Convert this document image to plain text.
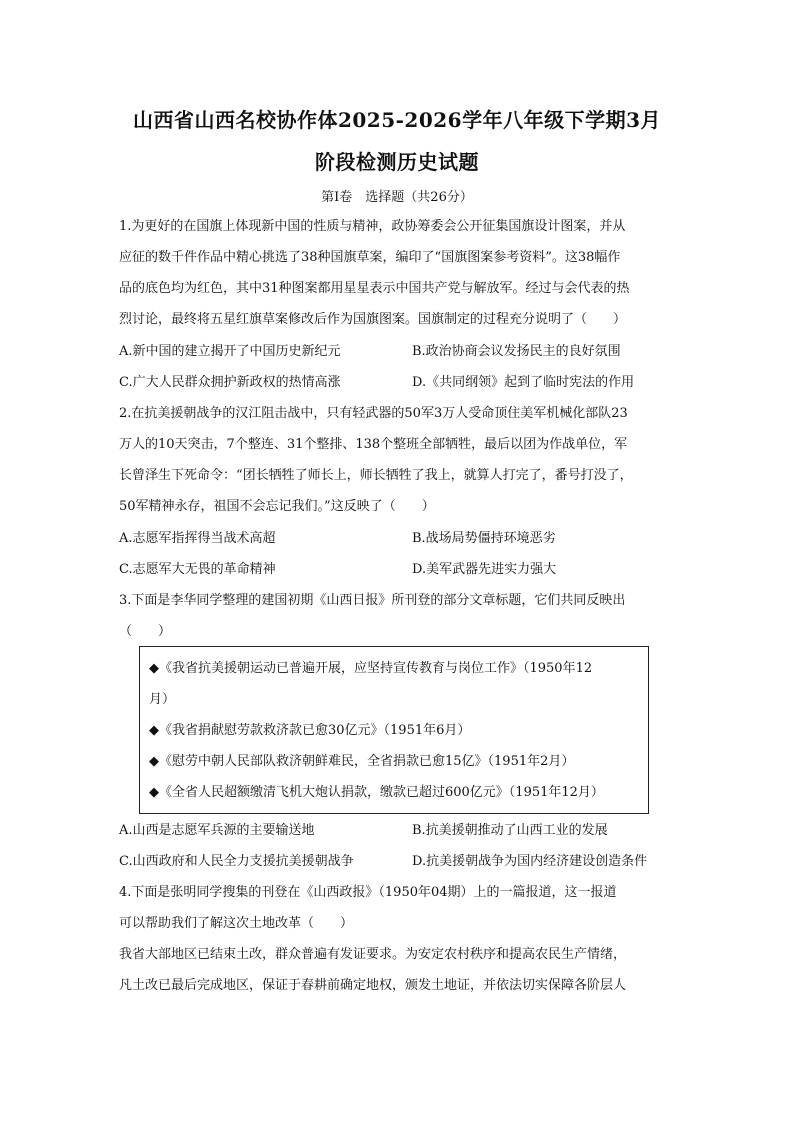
山西省山西名校协作体2025-2026学年八年级下学期3月
阶段检测历史试题
第Ⅰ卷　选择题（共26分）
1.为更好的在国旗上体现新中国的性质与精神，政协筹委会公开征集国旗设计图案，并从
应征的数千件作品中精心挑选了38种国旗草案，编印了“国旗图案参考资料”。这38幅作
品的底色均为红色，其中31种图案都用星星表示中国共产党与解放军。经过与会代表的热
烈讨论，最终将五星红旗草案修改后作为国旗图案。国旗制定的过程充分说明了（　　）
A.新中国的建立揭开了中国历史新纪元	B.政治协商会议发扬民主的良好氛围
C.广大人民群众拥护新政权的热情高涨	D.《共同纲领》起到了临时宪法的作用
2.在抗美援朝战争的汉江阻击战中，只有轻武器的50军3万人受命顶住美军机械化部队23
万人的10天突击，7个整连、31个整排、138个整班全部牺牲，最后以团为作战单位，军
长曾泽生下死命令：“团长牺牲了师长上，师长牺牲了我上，就算人打完了，番号打没了，
50军精神永存，祖国不会忘记我们。”这反映了（　　）
A.志愿军指挥得当战术高超	B.战场局势僵持环境恶劣
C.志愿军大无畏的革命精神	D.美军武器先进实力强大
3.下面是李华同学整理的建国初期《山西日报》所刊登的部分文章标题，它们共同反映出
（　　）
◆《我省抗美援朝运动已普遍开展，应坚持宣传教育与岗位工作》（1950年12
月）
◆《我省捐献慰劳款救济款已愈30亿元》（1951年6月）
◆《慰劳中朝人民部队救济朝鲜难民，全省捐款已愈15亿》（1951年2月）
◆《全省人民超额缴清飞机大炮认捐款，缴款已超过600亿元》（1951年12月）
A.山西是志愿军兵源的主要输送地	B.抗美援朝推动了山西工业的发展
C.山西政府和人民全力支援抗美援朝战争	D.抗美援朝战争为国内经济建设创造条件
4.下面是张明同学搜集的刊登在《山西政报》（1950年04期）上的一篇报道，这一报道
可以帮助我们了解这次土地改革（　　）
我省大部地区已结束土改，群众普遍有发证要求。为安定农村秩序和提高农民生产情绪，
凡土改已最后完成地区，保证于春耕前确定地权，颁发土地证，并依法切实保障各阶层人
